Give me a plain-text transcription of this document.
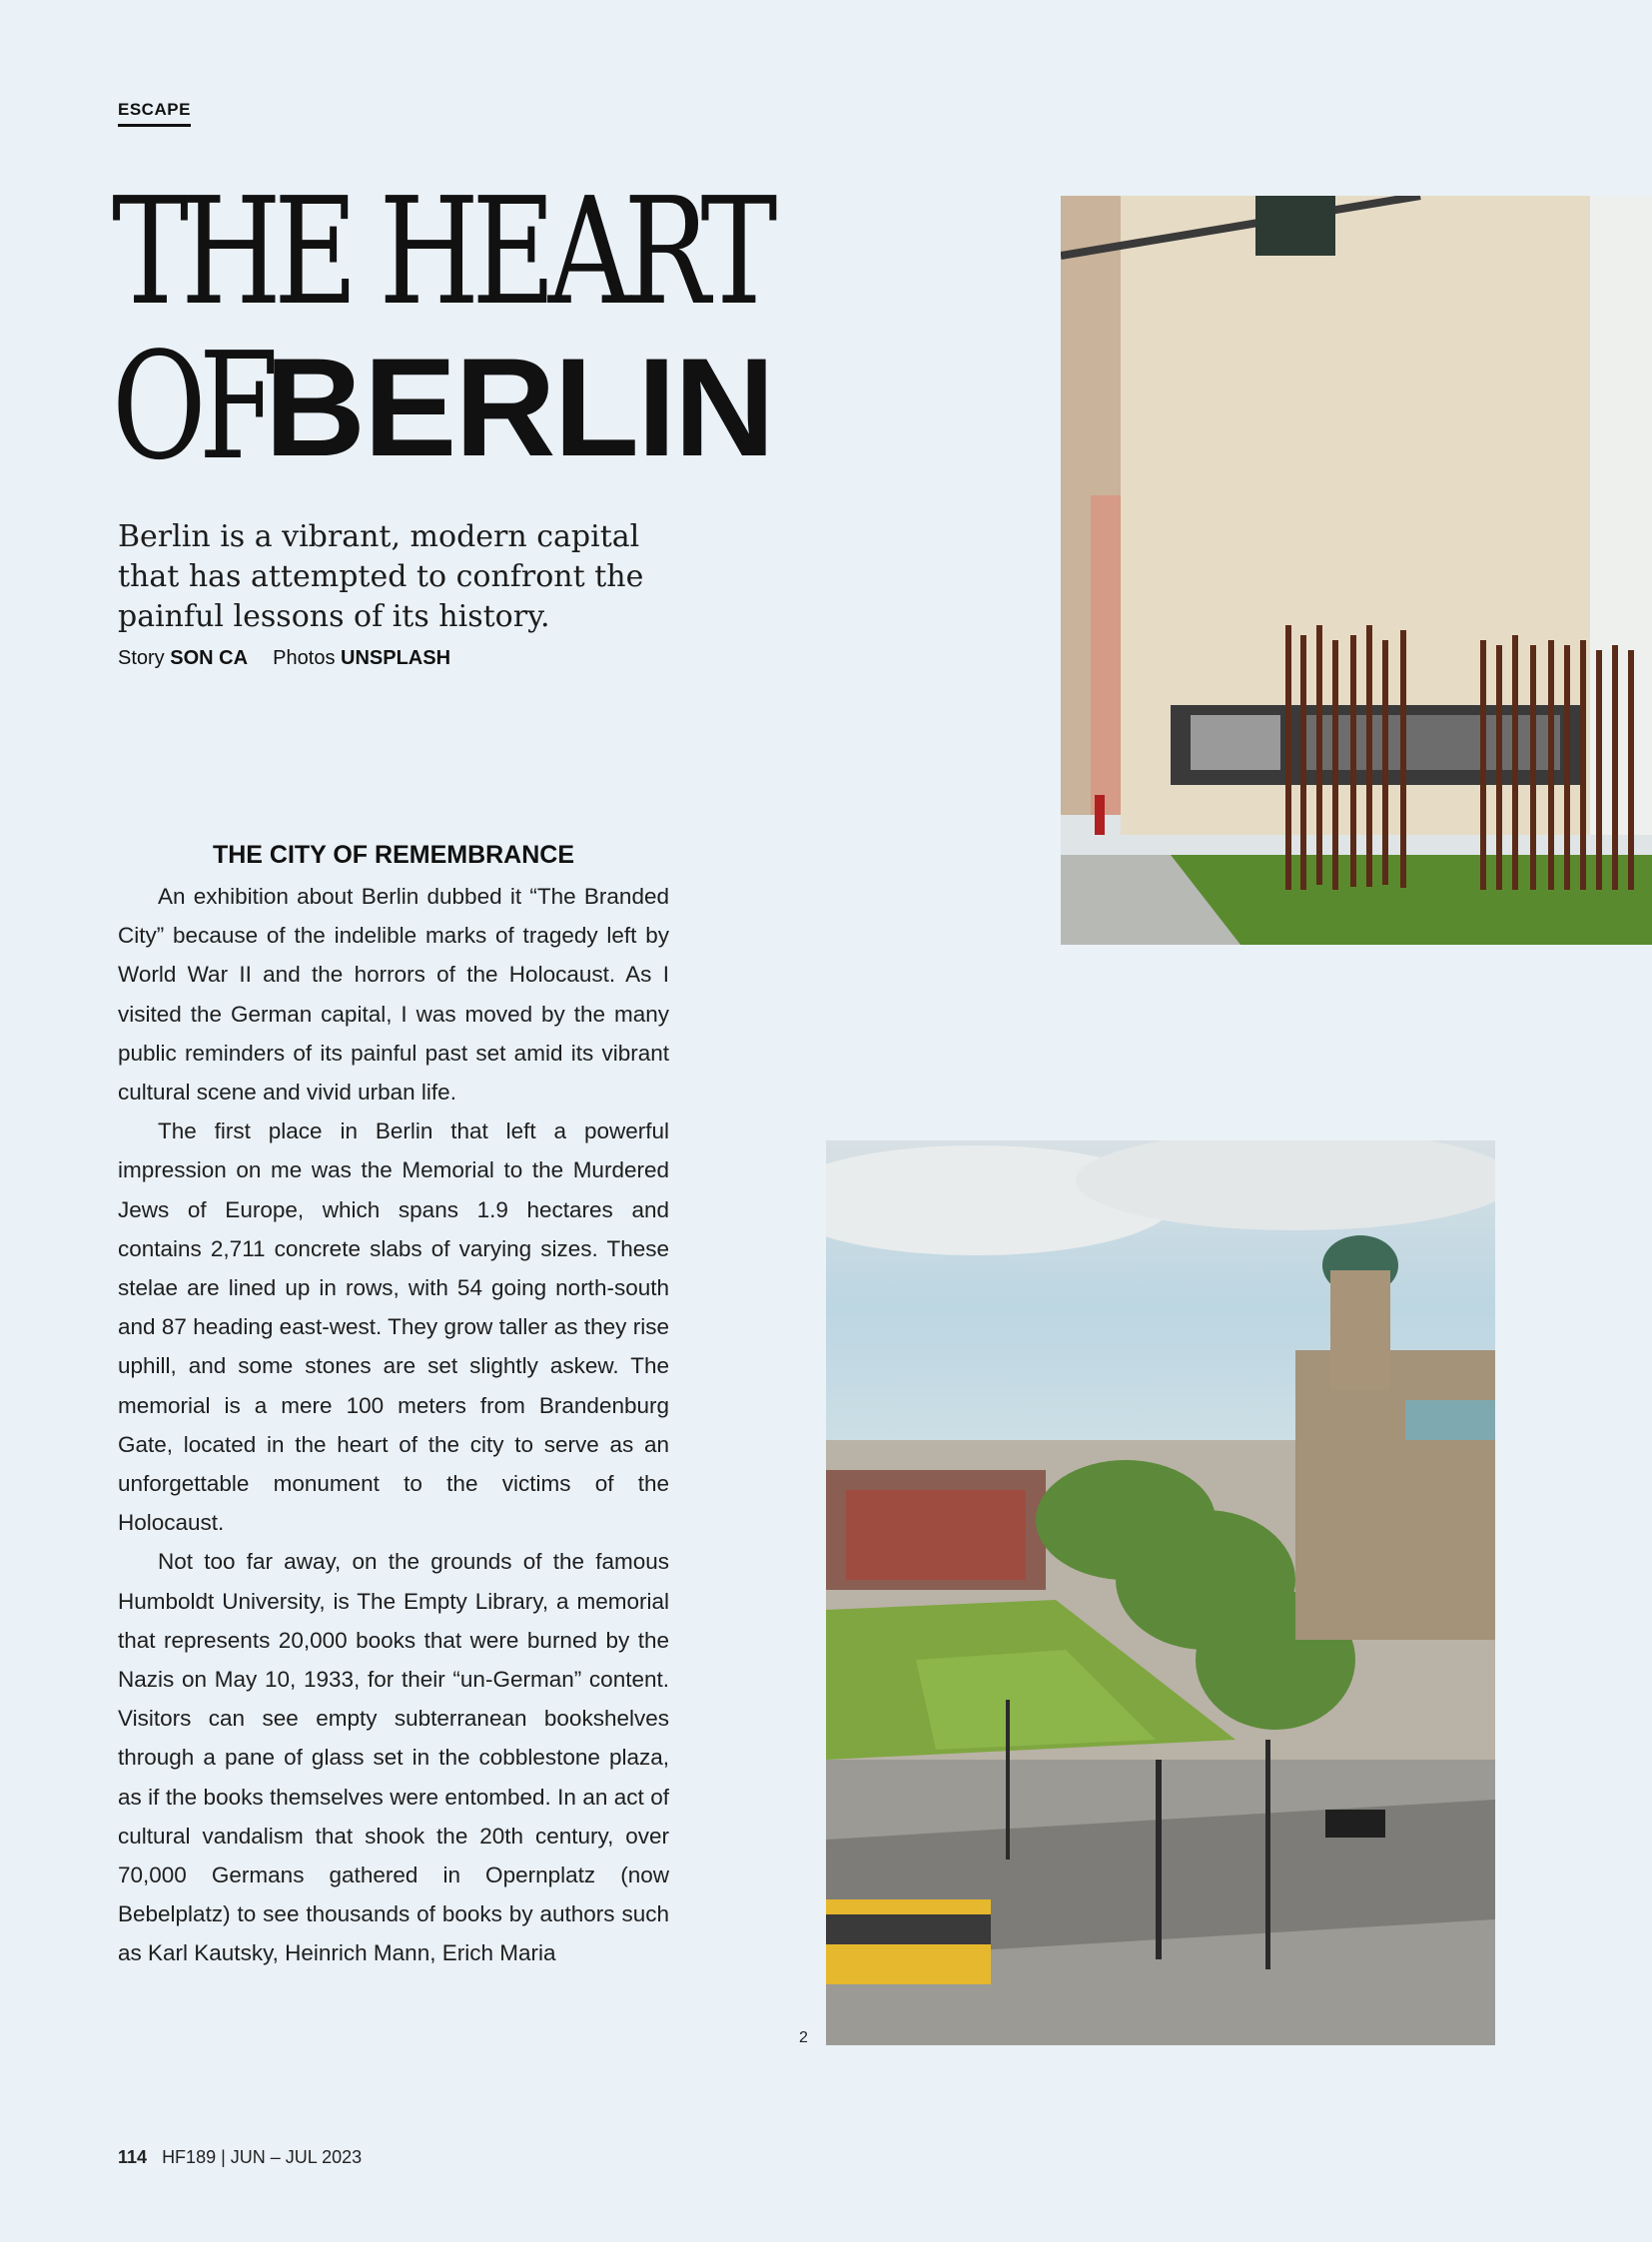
ESCAPE
THE HEART
OF BERLIN

Berlin is a vibrant, modern capital that has attempted to confront the painful lessons of its history.

Story SON CA Photos UNSPLASH
THE CITY OF REMEMBRANCE

An exhibition about Berlin dubbed it “The Branded City” because of the indelible marks of tragedy left by World War II and the horrors of the Holocaust. As I visited the German capital, I was moved by the many public reminders of its painful past set amid its vibrant cultural scene and vivid urban life.

The first place in Berlin that left a powerful impression on me was the Memorial to the Murdered Jews of Europe, which spans 1.9 hectares and contains 2,711 concrete slabs of varying sizes. These stelae are lined up in rows, with 54 going north-south and 87 heading east-west. They grow taller as they rise uphill, and some stones are set slightly askew. The memorial is a mere 100 meters from Brandenburg Gate, located in the heart of the city to serve as an unforgettable monument to the victims of the Holocaust.

Not too far away, on the grounds of the famous Humboldt University, is The Empty Library, a memorial that represents 20,000 books that were burned by the Nazis on May 10, 1933, for their “un-German” content. Visitors can see empty subterranean bookshelves through a pane of glass set in the cobblestone plaza, as if the books themselves were entombed. In an act of cultural vandalism that shook the 20th century, over 70,000 Germans gathered in Opernplatz (now Bebelplatz) to see thousands of books by authors such as Karl Kautsky, Heinrich Mann, Erich Maria

2
114 HF189 | JUN – JUL 2023
